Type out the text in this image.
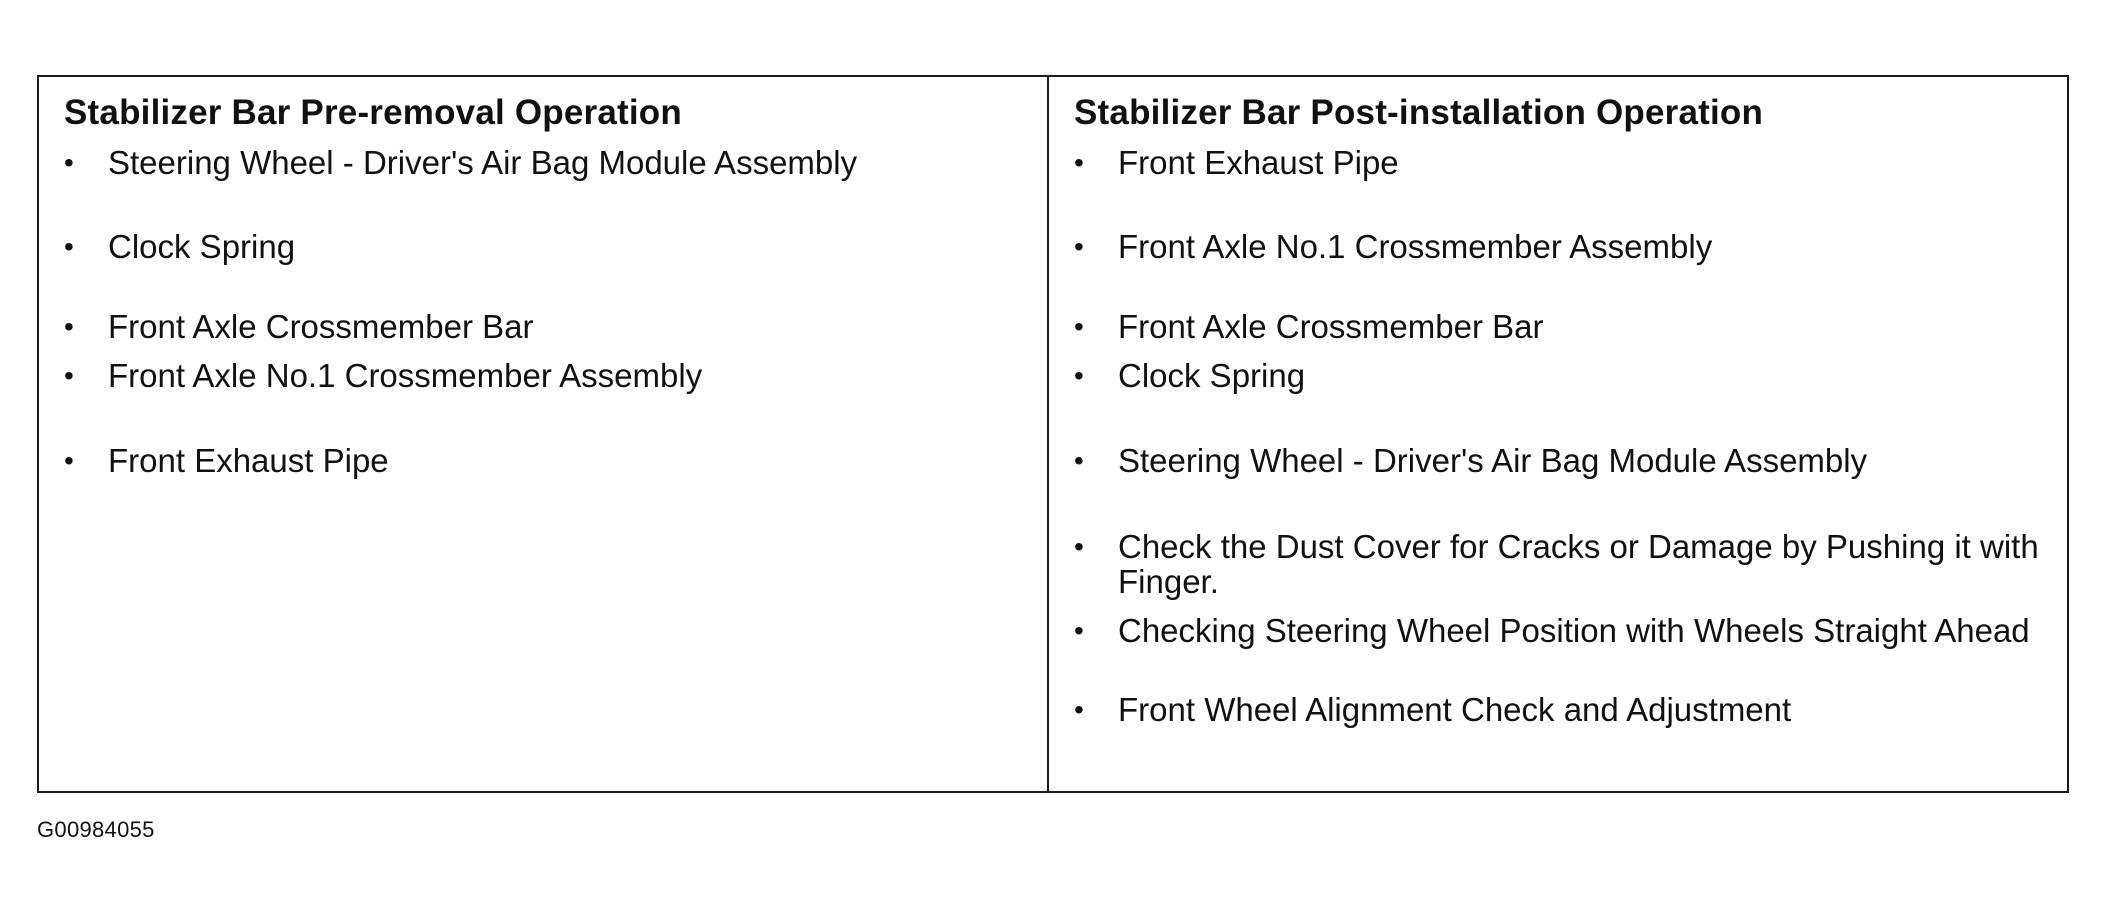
Stabilizer Bar Pre-removal Operation
•	Steering Wheel - Driver's Air Bag Module Assembly
•	Clock Spring
•	Front Axle Crossmember Bar
•	Front Axle No.1 Crossmember Assembly
•	Front Exhaust Pipe
Stabilizer Bar Post-installation Operation
•	Front Exhaust Pipe
•	Front Axle No.1 Crossmember Assembly
•	Front Axle Crossmember Bar
•	Clock Spring
•	Steering Wheel - Driver's Air Bag Module Assembly
•	Check the Dust Cover for Cracks or Damage by Pushing it with Finger.
•	Checking Steering Wheel Position with Wheels Straight Ahead
•	Front Wheel Alignment Check and Adjustment
G00984055
